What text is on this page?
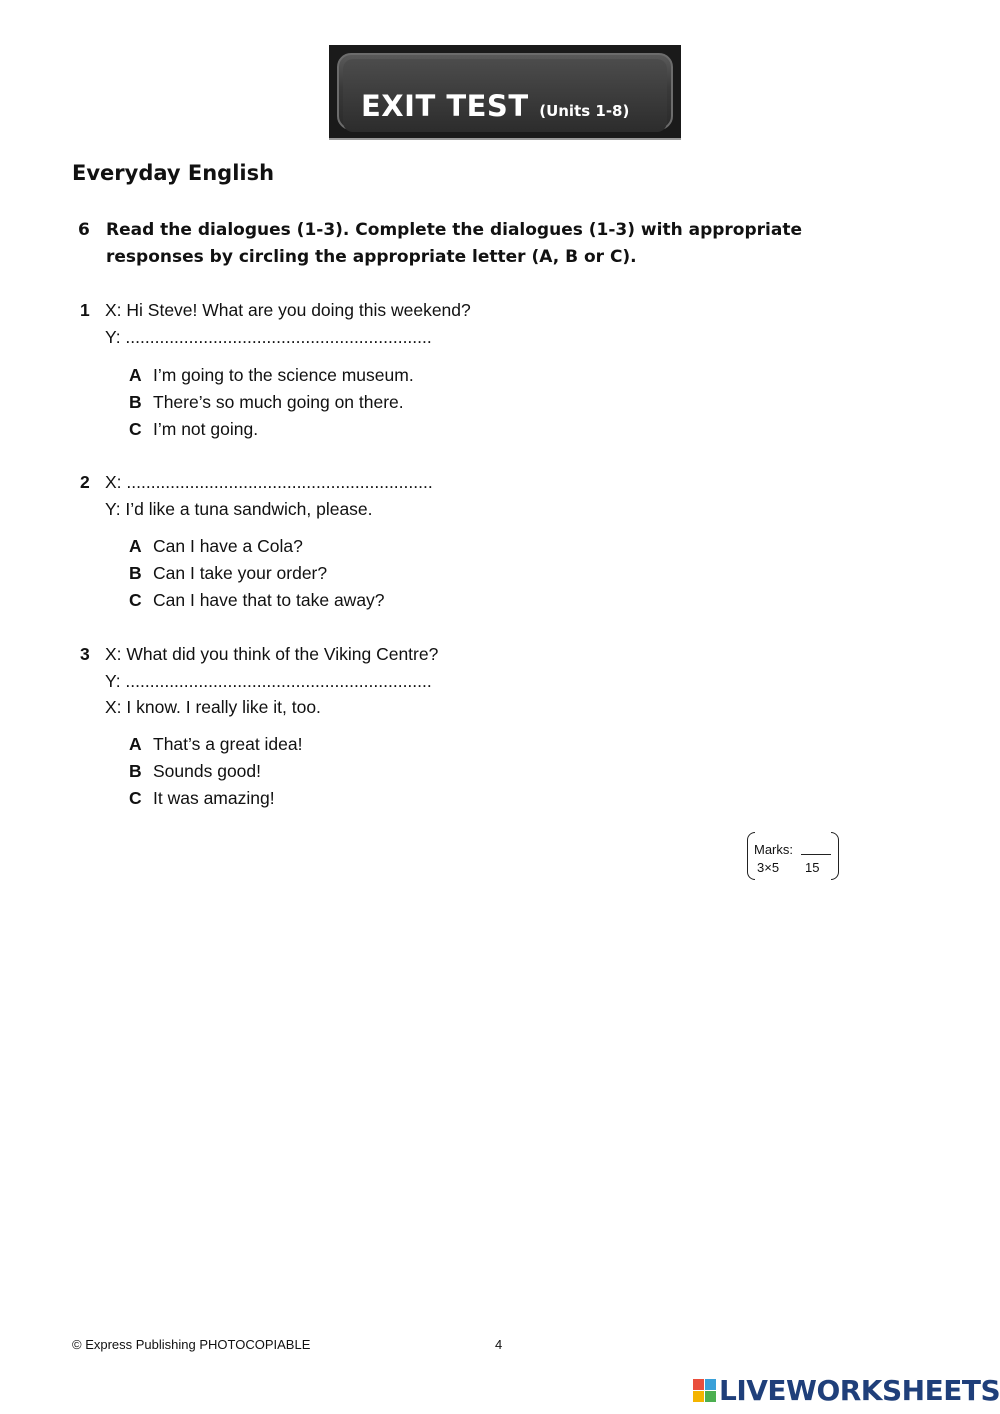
EXIT TEST (Units 1-8)
Everyday English
6 Read the dialogues (1-3). Complete the dialogues (1-3) with appropriate responses by circling the appropriate letter (A, B or C).
1 X: Hi Steve! What are you doing this weekend?
Y: ...............................................................
A I’m going to the science museum.
B There’s so much going on there.
C I’m not going.
2 X: ...............................................................
Y: I’d like a tuna sandwich, please.
A Can I have a Cola?
B Can I take your order?
C Can I have that to take away?
3 X: What did you think of the Viking Centre?
Y: ...............................................................
X: I know. I really like it, too.
A That’s a great idea!
B Sounds good!
C It was amazing!
Marks:
3×5 15
© Express Publishing PHOTOCOPIABLE	4
LIVEWORKSHEETS
